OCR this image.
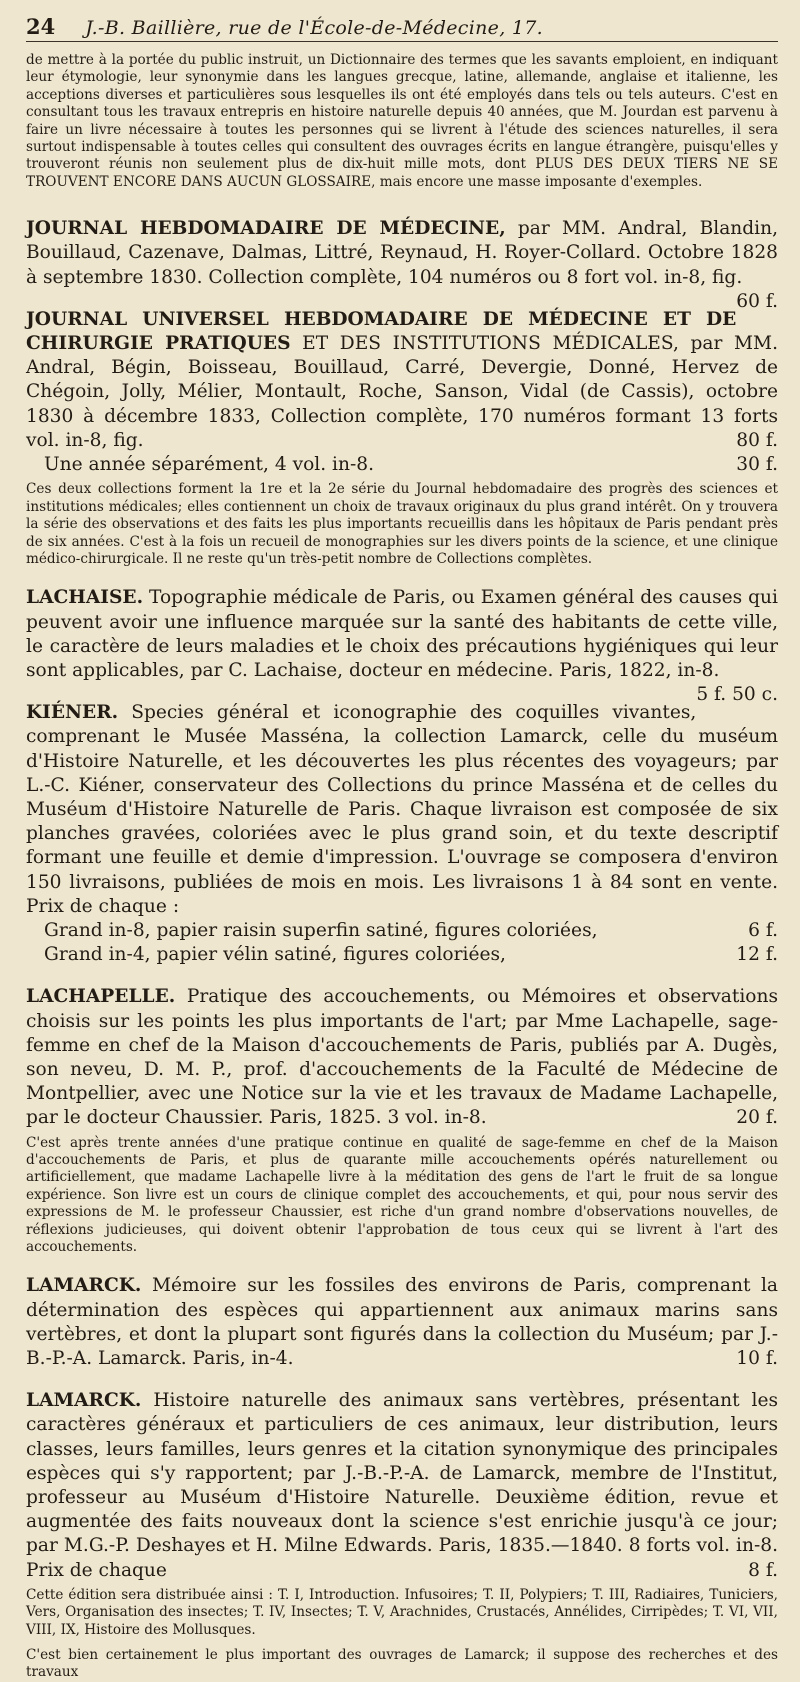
24 J.-B. Baillière, rue de l'École-de-Médecine, 17.

de mettre à la portée du public instruit, un Dictionnaire des termes que les savants emploient, en indiquant leur étymologie, leur synonymie dans les langues grecque, latine, allemande, anglaise et italienne, les acceptions diverses et particulières sous lesquelles ils ont été employés dans tels ou tels auteurs. C'est en consultant tous les travaux entrepris en histoire naturelle depuis 40 années, que M. Jourdan est parvenu à faire un livre nécessaire à toutes les personnes qui se livrent à l'étude des sciences naturelles, il sera surtout indispensable à toutes celles qui consultent des ouvrages écrits en langue étrangère, puisqu'elles y trouveront réunis non seulement plus de dix-huit mille mots, dont PLUS DES DEUX TIERS NE SE TROUVENT ENCORE DANS AUCUN GLOSSAIRE, mais encore une masse imposante d'exemples.

JOURNAL HEBDOMADAIRE DE MÉDECINE, par MM. Andral, Blandin, Bouillaud, Cazenave, Dalmas, Littré, Reynaud, H. Royer-Collard. Octobre 1828 à septembre 1830. Collection complète, 104 numéros ou 8 fort vol. in-8, fig.
60 f.

JOURNAL UNIVERSEL HEBDOMADAIRE DE MÉDECINE ET DE CHIRURGIE PRATIQUES ET DES INSTITUTIONS MÉDICALES, par MM. Andral, Bégin, Boisseau, Bouillaud, Carré, Devergie, Donné, Hervez de Chégoin, Jolly, Mélier, Montault, Roche, Sanson, Vidal (de Cassis), octobre 1830 à décembre 1833, Collection complète, 170 numéros formant 13 forts vol. in-8, fig.	80 f.

Une année séparément, 4 vol. in-8.	30 f.

Ces deux collections forment la 1re et la 2e série du Journal hebdomadaire des progrès des sciences et institutions médicales; elles contiennent un choix de travaux originaux du plus grand intérêt. On y trouvera la série des observations et des faits les plus importants recueillis dans les hôpitaux de Paris pendant près de six années. C'est à la fois un recueil de monographies sur les divers points de la science, et une clinique médico-chirurgicale. Il ne reste qu'un très-petit nombre de Collections complètes.

LACHAISE. Topographie médicale de Paris, ou Examen général des causes qui peuvent avoir une influence marquée sur la santé des habitants de cette ville, le caractère de leurs maladies et le choix des précautions hygiéniques qui leur sont applicables, par C. Lachaise, docteur en médecine. Paris, 1822, in-8.
5 f. 50 c.

KIÉNER. Species général et iconographie des coquilles vivantes, comprenant le Musée Masséna, la collection Lamarck, celle du muséum d'Histoire Naturelle, et les découvertes les plus récentes des voyageurs; par L.-C. Kiéner, conservateur des Collections du prince Masséna et de celles du Muséum d'Histoire Naturelle de Paris. Chaque livraison est composée de six planches gravées, coloriées avec le plus grand soin, et du texte descriptif formant une feuille et demie d'impression. L'ouvrage se composera d'environ 150 livraisons, publiées de mois en mois. Les livraisons 1 à 84 sont en vente. Prix de chaque :

Grand in-8, papier raisin superfin satiné, figures coloriées,	6 f.

Grand in-4, papier vélin satiné, figures coloriées,	12 f.

LACHAPELLE. Pratique des accouchements, ou Mémoires et observations choisis sur les points les plus importants de l'art; par Mme Lachapelle, sage-femme en chef de la Maison d'accouchements de Paris, publiés par A. Dugès, son neveu, D. M. P., prof. d'accouchements de la Faculté de Médecine de Montpellier, avec une Notice sur la vie et les travaux de Madame Lachapelle, par le docteur Chaussier. Paris, 1825. 3 vol. in-8.	20 f.

C'est après trente années d'une pratique continue en qualité de sage-femme en chef de la Maison d'accouchements de Paris, et plus de quarante mille accouchements opérés naturellement ou artificiellement, que madame Lachapelle livre à la méditation des gens de l'art le fruit de sa longue expérience. Son livre est un cours de clinique complet des accouchements, et qui, pour nous servir des expressions de M. le professeur Chaussier, est riche d'un grand nombre d'observations nouvelles, de réflexions judicieuses, qui doivent obtenir l'approbation de tous ceux qui se livrent à l'art des accouchements.

LAMARCK. Mémoire sur les fossiles des environs de Paris, comprenant la détermination des espèces qui appartiennent aux animaux marins sans vertèbres, et dont la plupart sont figurés dans la collection du Muséum; par J.-B.-P.-A. Lamarck. Paris, in-4.	10 f.

LAMARCK. Histoire naturelle des animaux sans vertèbres, présentant les caractères généraux et particuliers de ces animaux, leur distribution, leurs classes, leurs familles, leurs genres et la citation synonymique des principales espèces qui s'y rapportent; par J.-B.-P.-A. de Lamarck, membre de l'Institut, professeur au Muséum d'Histoire Naturelle. Deuxième édition, revue et augmentée des faits nouveaux dont la science s'est enrichie jusqu'à ce jour; par M.G.-P. Deshayes et H. Milne Edwards. Paris, 1835.—1840. 8 forts vol. in-8. Prix de chaque	8 f.

Cette édition sera distribuée ainsi : T. I, Introduction. Infusoires; T. II, Polypiers; T. III, Radiaires, Tuniciers, Vers, Organisation des insectes; T. IV, Insectes; T. V, Arachnides, Crustacés, Annélides, Cirripèdes; T. VI, VII, VIII, IX, Histoire des Mollusques.

C'est bien certainement le plus important des ouvrages de Lamarck; il suppose des recherches et des travaux
